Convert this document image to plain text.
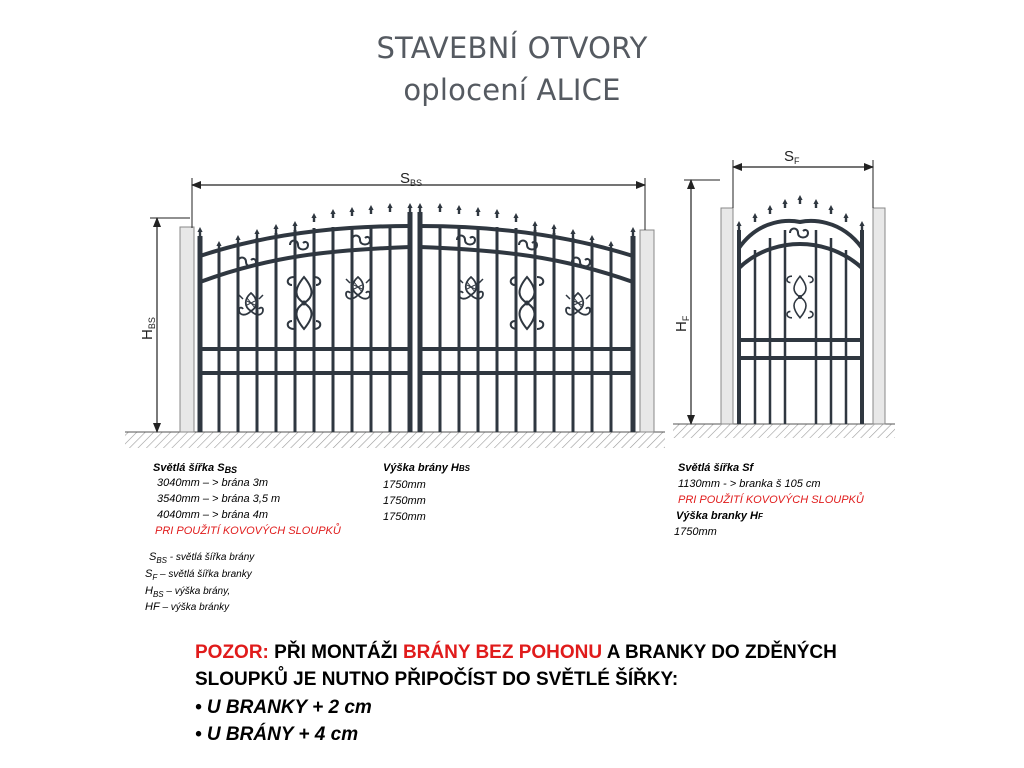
STAVEBNÍ OTVORY
oplocení ALICE
$S_{BS}$
$S_F$
$H_{BS}$	$H_F$
Světlá šířka SBS
3040mm – > brána 3m
3540mm – > brána 3,5 m
4040mm – > brána 4m
PRI POUŽITÍ KOVOVÝCH SLOUPKŮ
Výška brány HBS
1750mm
1750mm
1750mm
$S_{BS}$ - světlá šířka brány
$S_F$ – světlá šířka branky
$H_{BS}$ – výška brány,
HF – výška bránky
Světlá šířka Sf
1130mm - > branka š 105 cm
PRI POUŽITÍ KOVOVÝCH SLOUPKŮ
Výška branky HF
1750mm
POZOR: PŘI MONTÁŽI BRÁNY BEZ POHONU A BRANKY DO ZDĚNÝCH
SLOUPKŮ JE NUTNO PŘIPOČÍST DO SVĚTLÉ ŠÍŘKY:
• U BRANKY + 2 cm
• U BRÁNY + 4 cm
